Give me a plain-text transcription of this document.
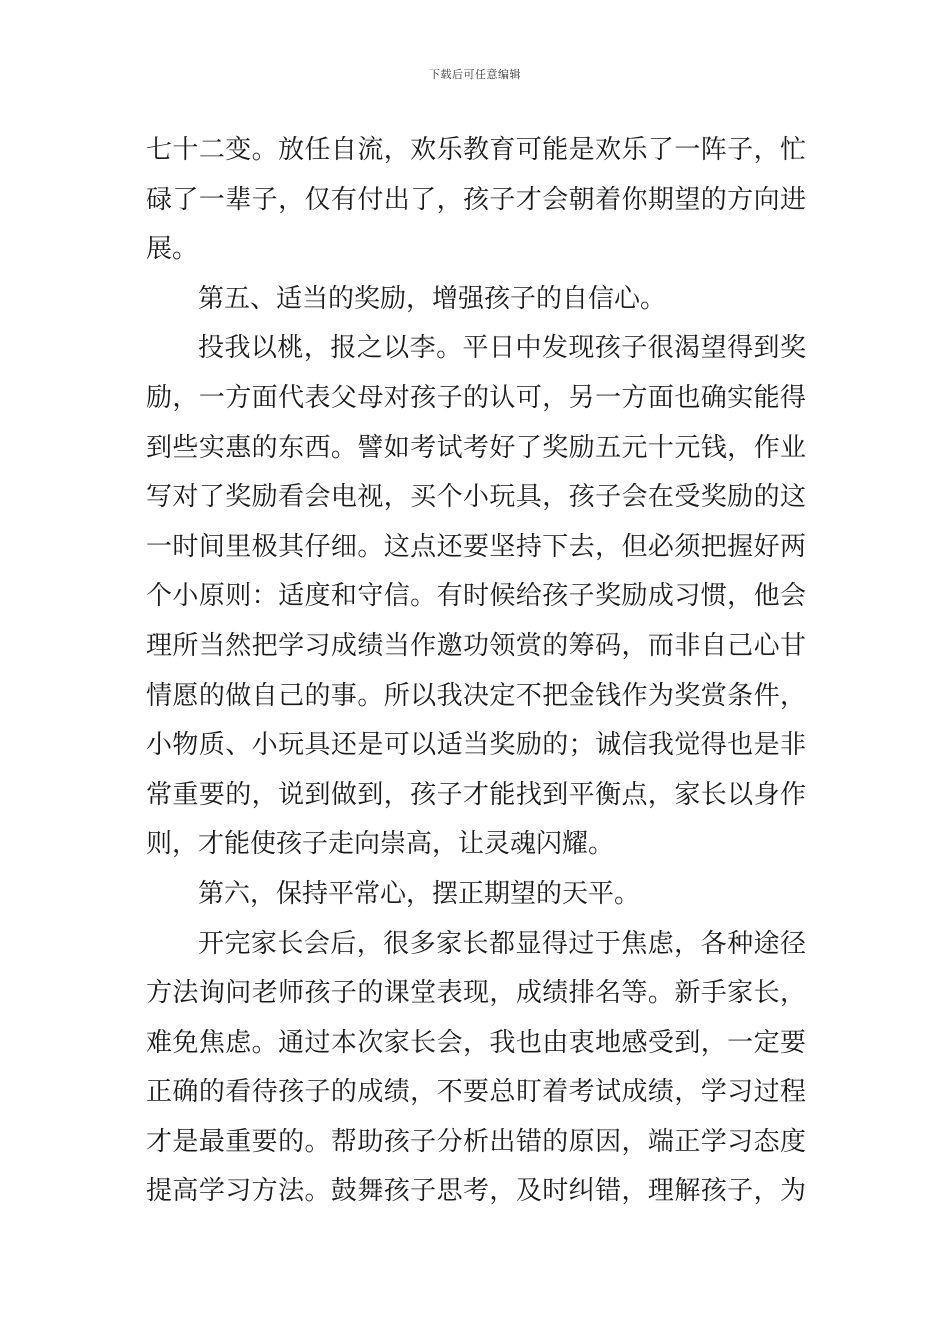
下载后可任意编辑
七十二变。放任自流，欢乐教育可能是欢乐了一阵子，忙
碌了一辈子，仅有付出了，孩子才会朝着你期望的方向进
展。
第五、适当的奖励，增强孩子的自信心。
投我以桃，报之以李。平日中发现孩子很渴望得到奖
励，一方面代表父母对孩子的认可，另一方面也确实能得
到些实惠的东西。譬如考试考好了奖励五元十元钱，作业
写对了奖励看会电视，买个小玩具，孩子会在受奖励的这
一时间里极其仔细。这点还要坚持下去，但必须把握好两
个小原则：适度和守信。有时候给孩子奖励成习惯，他会
理所当然把学习成绩当作邀功领赏的筹码，而非自己心甘
情愿的做自己的事。所以我决定不把金钱作为奖赏条件，
小物质、小玩具还是可以适当奖励的；诚信我觉得也是非
常重要的，说到做到，孩子才能找到平衡点，家长以身作
则，才能使孩子走向崇高，让灵魂闪耀。
第六，保持平常心，摆正期望的天平。
开完家长会后，很多家长都显得过于焦虑，各种途径
方法询问老师孩子的课堂表现，成绩排名等。新手家长，
难免焦虑。通过本次家长会，我也由衷地感受到，一定要
正确的看待孩子的成绩，不要总盯着考试成绩，学习过程
才是最重要的。帮助孩子分析出错的原因，端正学习态度
提高学习方法。鼓舞孩子思考，及时纠错，理解孩子，为
